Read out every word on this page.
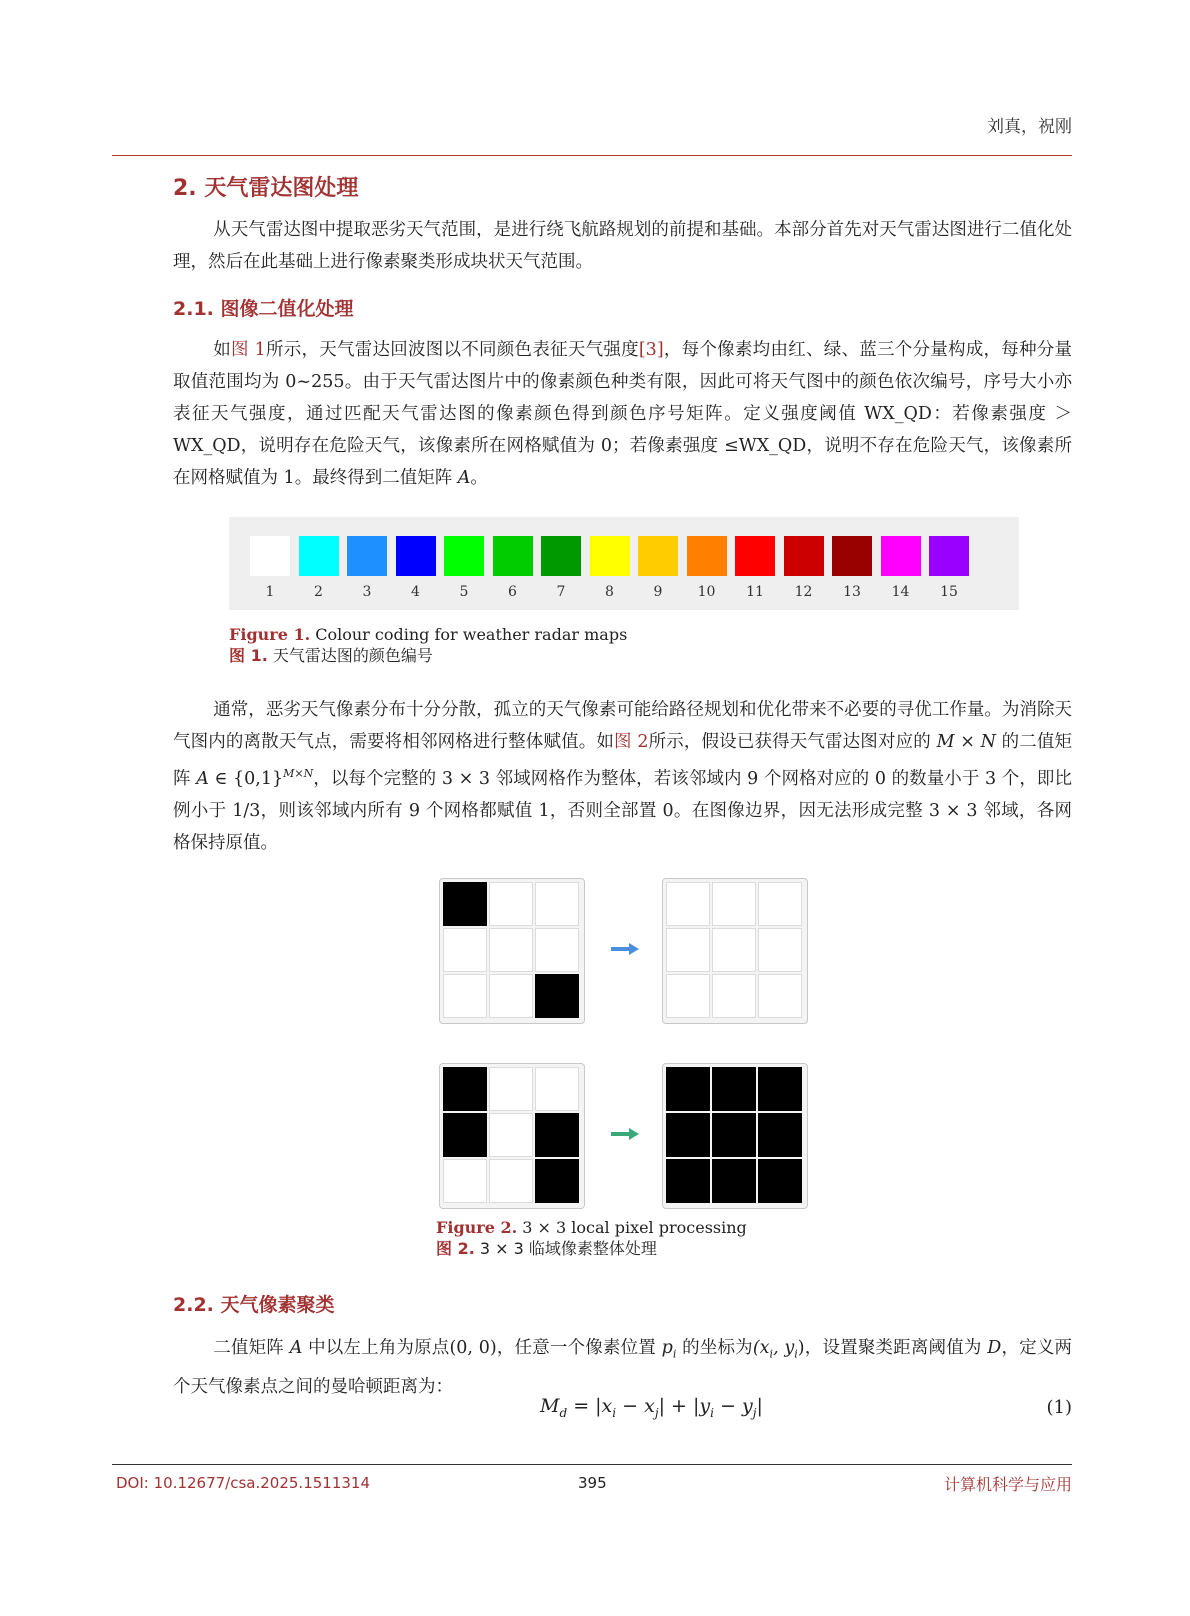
刘真，祝刚
2. 天气雷达图处理

从天气雷达图中提取恶劣天气范围，是进行绕飞航路规划的前提和基础。本部分首先对天气雷达图进行二值化处理，然后在此基础上进行像素聚类形成块状天气范围。

2.1. 图像二值化处理

如图 1所示，天气雷达回波图以不同颜色表征天气强度[3]，每个像素均由红、绿、蓝三个分量构成，每种分量取值范围均为 0~255。由于天气雷达图片中的像素颜色种类有限，因此可将天气图中的颜色依次编号，序号大小亦表征天气强度，通过匹配天气雷达图的像素颜色得到颜色序号矩阵。定义强度阈值 WX_QD：若像素强度 ＞WX_QD，说明存在危险天气，该像素所在网格赋值为 0；若像素强度 ≤WX_QD，说明不存在危险天气，该像素所在网格赋值为 1。最终得到二值矩阵 A。

1	2	3	4	5	6	7	8	9	10	11	12	13	14	15
Figure 1. Colour coding for weather radar maps
图 1. 天气雷达图的颜色编号

通常，恶劣天气像素分布十分分散，孤立的天气像素可能给路径规划和优化带来不必要的寻优工作量。为消除天气图内的离散天气点，需要将相邻网格进行整体赋值。如图 2所示，假设已获得天气雷达图对应的 M × N 的二值矩阵 A ∈ $\{0,1\}^{M\times N}$，以每个完整的 3 × 3 邻域网格作为整体，若该邻域内 9 个网格对应的 0 的数量小于 3 个，即比例小于 1/3，则该邻域内所有 9 个网格都赋值 1，否则全部置 0。在图像边界，因无法形成完整 3 × 3 邻域，各网格保持原值。

Figure 2. 3 × 3 local pixel processing
图 2. 3 × 3 临域像素整体处理
2.2. 天气像素聚类

二值矩阵 A 中以左上角为原点(0, 0)，任意一个像素位置 $p_i$ 的坐标为($x_i$, $y_i$)，设置聚类距离阈值为 D，定义两个天气像素点之间的曼哈顿距离为：

$M_d = |x_i - x_j| + |y_i - y_j|$	(1)
DOI: 10.12677/csa.2025.1511314	395	计算机科学与应用
